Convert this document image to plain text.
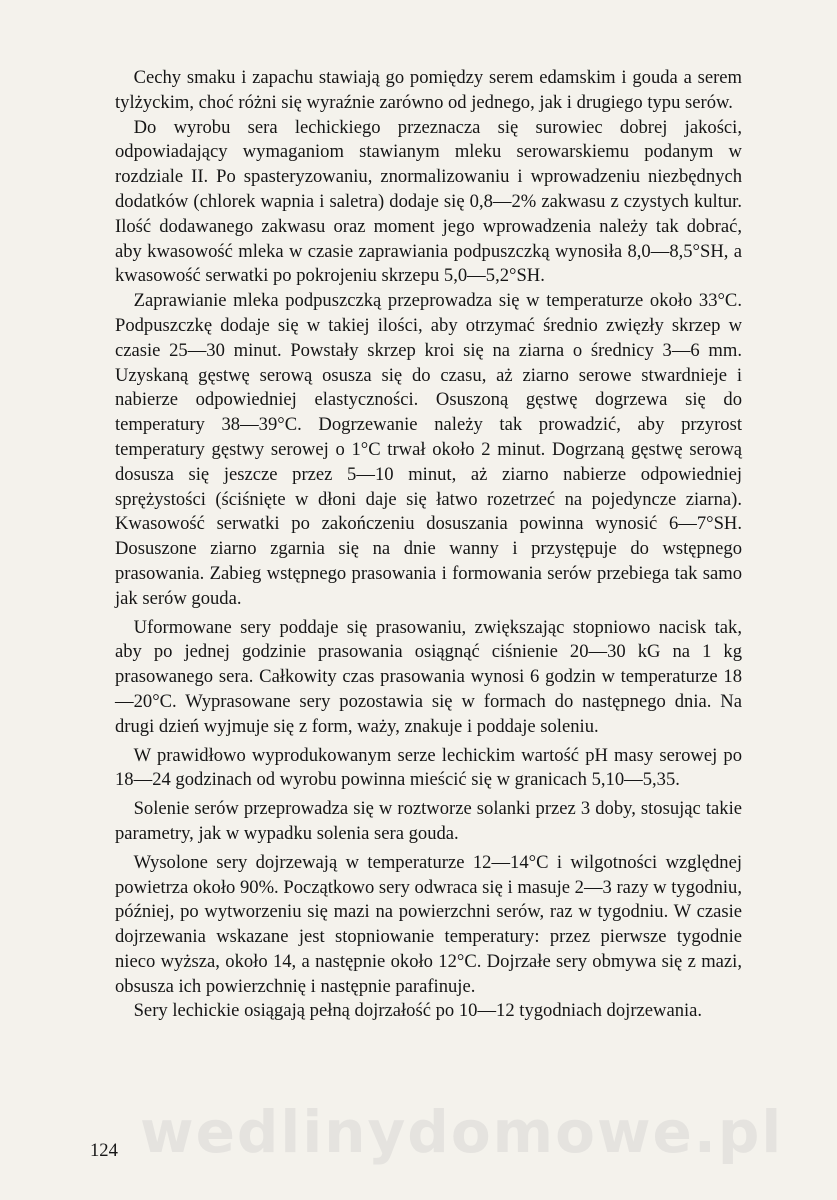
 Cechy smaku i zapachu stawiają go pomiędzy serem edamskim i gouda a serem tylżyckim, choć różni się wyraźnie zarówno od jednego, jak i drugiego typu serów.

 Do wyrobu sera lechickiego przeznacza się surowiec dobrej jakości, odpowiadający wymaganiom stawianym mleku serowarskiemu podanym w rozdziale II. Po spasteryzowaniu, znormalizowaniu i wprowadzeniu niezbędnych dodatków (chlorek wapnia i saletra) dodaje się 0,8—2% zakwasu z czystych kultur. Ilość dodawanego zakwasu oraz moment jego wprowadzenia należy tak dobrać, aby kwasowość mleka w czasie zaprawiania podpuszczką wynosiła 8,0—8,5°SH, a kwasowość serwatki po pokrojeniu skrzepu 5,0—5,2°SH.

 Zaprawianie mleka podpuszczką przeprowadza się w temperaturze około 33°C. Podpuszczkę dodaje się w takiej ilości, aby otrzymać średnio zwięzły skrzep w czasie 25—30 minut. Powstały skrzep kroi się na ziarna o średnicy 3—6 mm. Uzyskaną gęstwę serową osusza się do czasu, aż ziarno serowe stwardnieje i nabierze odpowiedniej elastyczności. Osuszoną gęstwę dogrzewa się do temperatury 38—39°C. Dogrzewanie należy tak prowadzić, aby przyrost temperatury gęstwy serowej o 1°C trwał około 2 minut. Dogrzaną gęstwę serową dosusza się jeszcze przez 5—10 minut, aż ziarno nabierze odpowiedniej sprężystości (ściśnięte w dłoni daje się łatwo rozetrzeć na pojedyncze ziarna). Kwasowość serwatki po zakończeniu dosuszania powinna wynosić 6—7°SH. Dosuszone ziarno zgarnia się na dnie wanny i przystępuje do wstępnego prasowania. Zabieg wstępnego prasowania i formowania serów przebiega tak samo jak serów gouda.

 Uformowane sery poddaje się prasowaniu, zwiększając stopniowo nacisk tak, aby po jednej godzinie prasowania osiągnąć ciśnienie 20—30 kG na 1 kg prasowanego sera. Całkowity czas prasowania wynosi 6 godzin w temperaturze 18—20°C. Wyprasowane sery pozostawia się w formach do następnego dnia. Na drugi dzień wyjmuje się z form, waży, znakuje i poddaje soleniu.

 W prawidłowo wyprodukowanym serze lechickim wartość pH masy serowej po 18—24 godzinach od wyrobu powinna mieścić się w granicach 5,10—5,35.

 Solenie serów przeprowadza się w roztworze solanki przez 3 doby, stosując takie parametry, jak w wypadku solenia sera gouda.

 Wysolone sery dojrzewają w temperaturze 12—14°C i wilgotności względnej powietrza około 90%. Początkowo sery odwraca się i masuje 2—3 razy w tygodniu, później, po wytworzeniu się mazi na powierzchni serów, raz w tygodniu. W czasie dojrzewania wskazane jest stopniowanie temperatury: przez pierwsze tygodnie nieco wyższa, około 14, a następnie około 12°C. Dojrzałe sery obmywa się z mazi, obsusza ich powierzchnię i następnie parafinuje.

 Sery lechickie osiągają pełną dojrzałość po 10—12 tygodniach dojrzewania.

wedlinydomowe.pl
124
